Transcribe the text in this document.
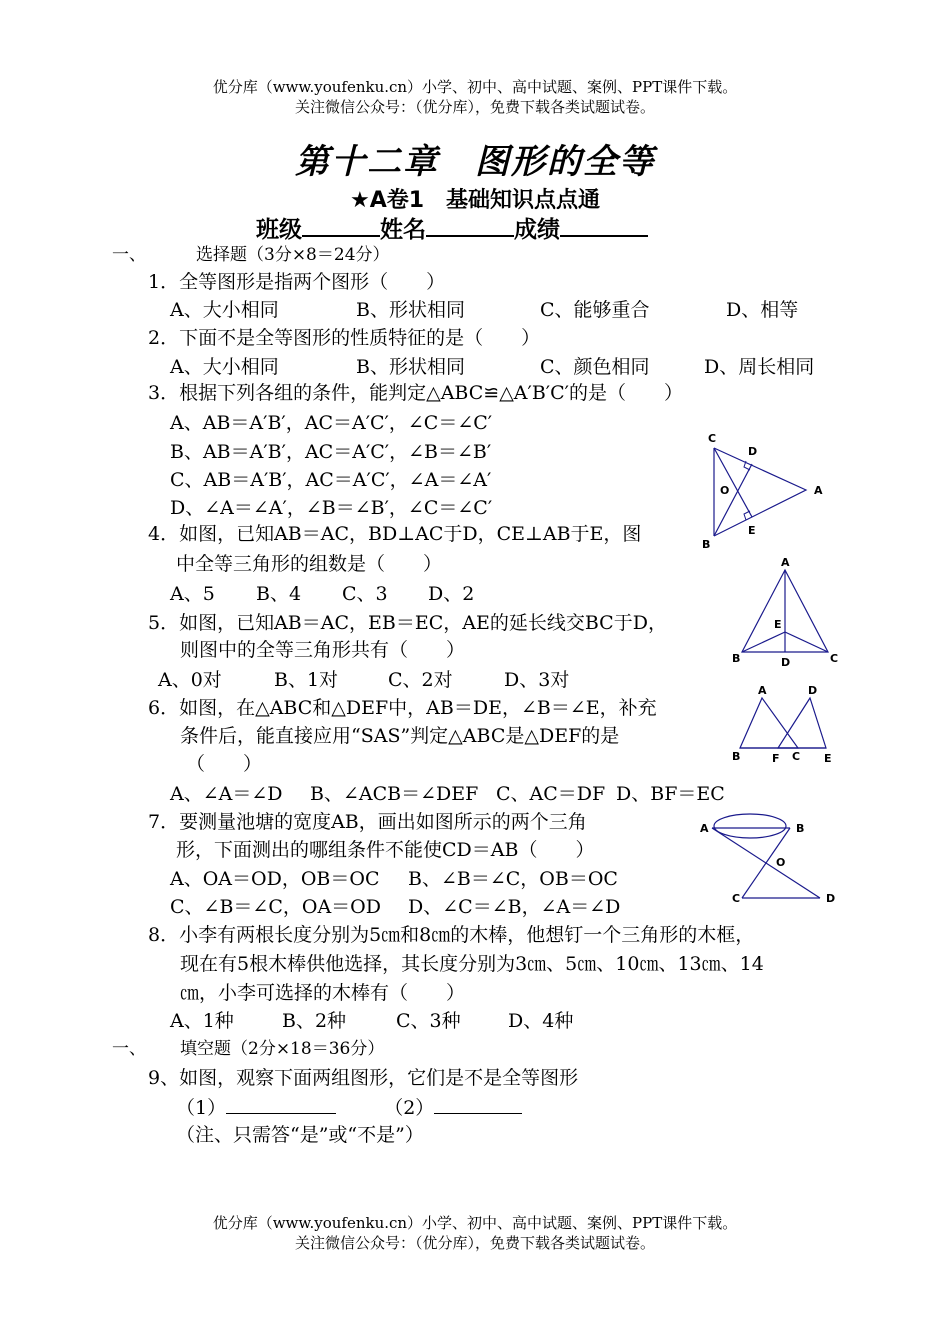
优分库（www.youfenku.cn）小学、初中、高中试题、案例、PPT课件下载。
关注微信公众号：（优分库），免费下载各类试题试卷。
第十二章　图形的全等
★A卷1　基础知识点点通
班级	姓名	成绩
一、	选择题（3分×8＝24分）
1．全等图形是指两个图形（　　）
A、大小相同	B、形状相同	C、能够重合	D、相等
2．下面不是全等图形的性质特征的是（　　）
A、大小相同	B、形状相同	C、颜色相同	D、周长相同
3．根据下列各组的条件，能判定△ABC≌△A′B′C′的是（　　）
A、AB＝A′B′，AC＝A′C′，∠C＝∠C′
B、AB＝A′B′，AC＝A′C′，∠B＝∠B′
C、AB＝A′B′，AC＝A′C′，∠A＝∠A′
D、∠A＝∠A′，∠B＝∠B′，∠C＝∠C′
C
D
O	A
B
E
4．如图，已知AB＝AC，BD⊥AC于D，CE⊥AB于E，图
中全等三角形的组数是（　　）
A、5 B、4 C、3 D、2
A
E
B	D	C
5．如图，已知AB＝AC，EB＝EC，AE的延长线交BC于D，
则图中的全等三角形共有（　　）
A、0对	B、1对	C、2对	D、3对	A	D
B	F C E
6．如图，在△ABC和△DEF中，AB＝DE，∠B＝∠E，补充
条件后，能直接应用“SAS”判定△ABC是△DEF的是
（　　）
A、∠A＝∠D B、∠ACB＝∠DEF C、AC＝DF D、BF＝EC
A	B
O
C	D
7．要测量池塘的宽度AB，画出如图所示的两个三角
形，下面测出的哪组条件不能使CD＝AB（　　）
A、OA＝OD，OB＝OC B、∠B＝∠C，OB＝OC
C、∠B＝∠C，OA＝OD D、∠C＝∠B，∠A＝∠D
8．小李有两根长度分别为5㎝和8㎝的木棒，他想钉一个三角形的木框，
现在有5根木棒供他选择，其长度分别为3㎝、5㎝、10㎝、13㎝、14
㎝，小李可选择的木棒有（　　）
A、1种	B、2种	C、3种 D、4种
一、 填空题（2分×18＝36分）
9、如图，观察下面两组图形，它们是不是全等图形
（1）	（2）
（注、只需答“是”或“不是”）
优分库（www.youfenku.cn）小学、初中、高中试题、案例、PPT课件下载。
关注微信公众号：（优分库），免费下载各类试题试卷。
